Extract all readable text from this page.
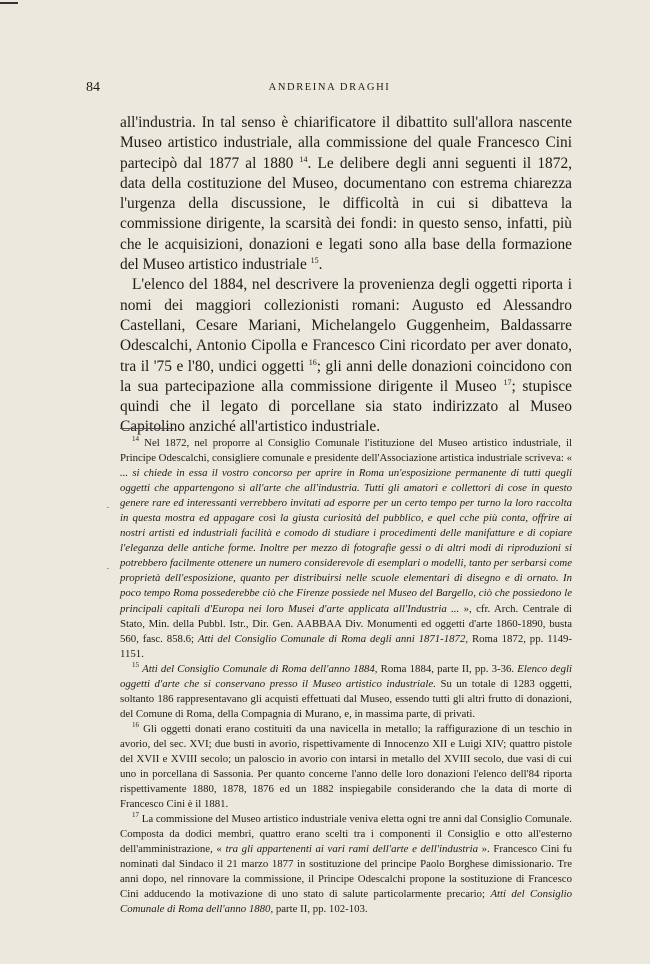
84	ANDREINA DRAGHI

all'industria. In tal senso è chiarificatore il dibattito sull'allora nascente Museo artistico industriale, alla commissione del quale Francesco Cini partecipò dal 1877 al 1880 $^{14}$. Le delibere degli anni seguenti il 1872, data della costituzione del Museo, documentano con estrema chiarezza l'urgenza della discussione, le difficoltà in cui si dibatteva la commissione dirigente, la scarsità dei fondi: in questo senso, infatti, più che le acquisizioni, donazioni e legati sono alla base della formazione del Museo artistico industriale $^{15}$.

L'elenco del 1884, nel descrivere la provenienza degli oggetti riporta i nomi dei maggiori collezionisti romani: Augusto ed Alessandro Castellani, Cesare Mariani, Michelangelo Guggenheim, Baldassarre Odescalchi, Antonio Cipolla e Francesco Cini ricordato per aver donato, tra il '75 e l'80, undici oggetti $^{16}$; gli anni delle donazioni coincidono con la sua partecipazione alla commissione dirigente il Museo $^{17}$; stupisce quindi che il legato di porcellane sia stato indirizzato al Museo Capitolino anziché all'artistico industriale.

$^{14}$ Nel 1872, nel proporre al Consiglio Comunale l'istituzione del Museo artistico industriale, il Principe Odescalchi, consigliere comunale e presidente dell'Associazione artistica industriale scriveva: « ... si chiede in essa il vostro concorso per aprire in Roma un'esposizione permanente di tutti quegli oggetti che appartengono sì all'arte che all'industria. Tutti gli amatori e collettori di cose in questo genere rare ed interessanti verrebbero invitati ad esporre per un certo tempo per turno la loro raccolta in questa mostra ed appagare così la giusta curiosità del pubblico, e quel cche più conta, offrire ai nostri artisti ed industriali facilità e comodo di studiare i procedimenti delle manifatture e di copiare l'eleganza delle antiche forme. Inoltre per mezzo di fotografie gessi o di altri modi di riproduzioni si potrebbero facilmente ottenere un numero considerevole di esemplari o modelli, tanto per serbarsi come proprietà dell'esposizione, quanto per distribuirsi nelle scuole elementari di disegno e di ornato. In poco tempo Roma possederebbe ciò che Firenze possiede nel Museo del Bargello, ciò che possiedono le principali capitali d'Europa nei loro Musei d'arte applicata all'Industria ... », cfr. Arch. Centrale di Stato, Min. della Pubbl. Istr., Dir. Gen. AABBAA Div. Monumenti ed oggetti d'arte 1860-1890, busta 560, fasc. 858.6; Atti del Consiglio Comunale di Roma degli anni 1871-1872, Roma 1872, pp. 1149-1151.

$^{15}$ Atti del Consiglio Comunale di Roma dell'anno 1884, Roma 1884, parte II, pp. 3-36. Elenco degli oggetti d'arte che si conservano presso il Museo artistico industriale. Su un totale di 1283 oggetti, soltanto 186 rappresentavano gli acquisti effettuati dal Museo, essendo tutti gli altri frutto di donazioni, del Comune di Roma, della Compagnia di Murano, e, in massima parte, di privati.

$^{16}$ Gli oggetti donati erano costituiti da una navicella in metallo; la raffigurazione di un teschio in avorio, del sec. XVI; due busti in avorio, rispettivamente di Innocenzo XII e Luigi XIV; quattro pistole del XVII e XVIII secolo; un paloscio in avorio con intarsi in metallo del XVIII secolo, due vasi di cui uno in porcellana di Sassonia. Per quanto concerne l'anno delle loro donazioni l'elenco dell'84 riporta rispettivamente 1880, 1878, 1876 ed un 1882 inspiegabile considerando che la data di morte di Francesco Cini è il 1881.

$^{17}$ La commissione del Museo artistico industriale veniva eletta ogni tre anni dal Consiglio Comunale. Composta da dodici membri, quattro erano scelti tra i componenti il Consiglio e otto all'esterno dell'amministrazione, « tra gli appartenenti ai vari rami dell'arte e dell'industria ». Francesco Cini fu nominati dal Sindaco il 21 marzo 1877 in sostituzione del principe Paolo Borghese dimissionario. Tre anni dopo, nel rinnovare la commissione, il Principe Odescalchi propone la sostituzione di Francesco Cini adducendo la motivazione di uno stato di salute particolarmente precario; Atti del Consiglio Comunale di Roma dell'anno 1880, parte II, pp. 102-103.

·
·
